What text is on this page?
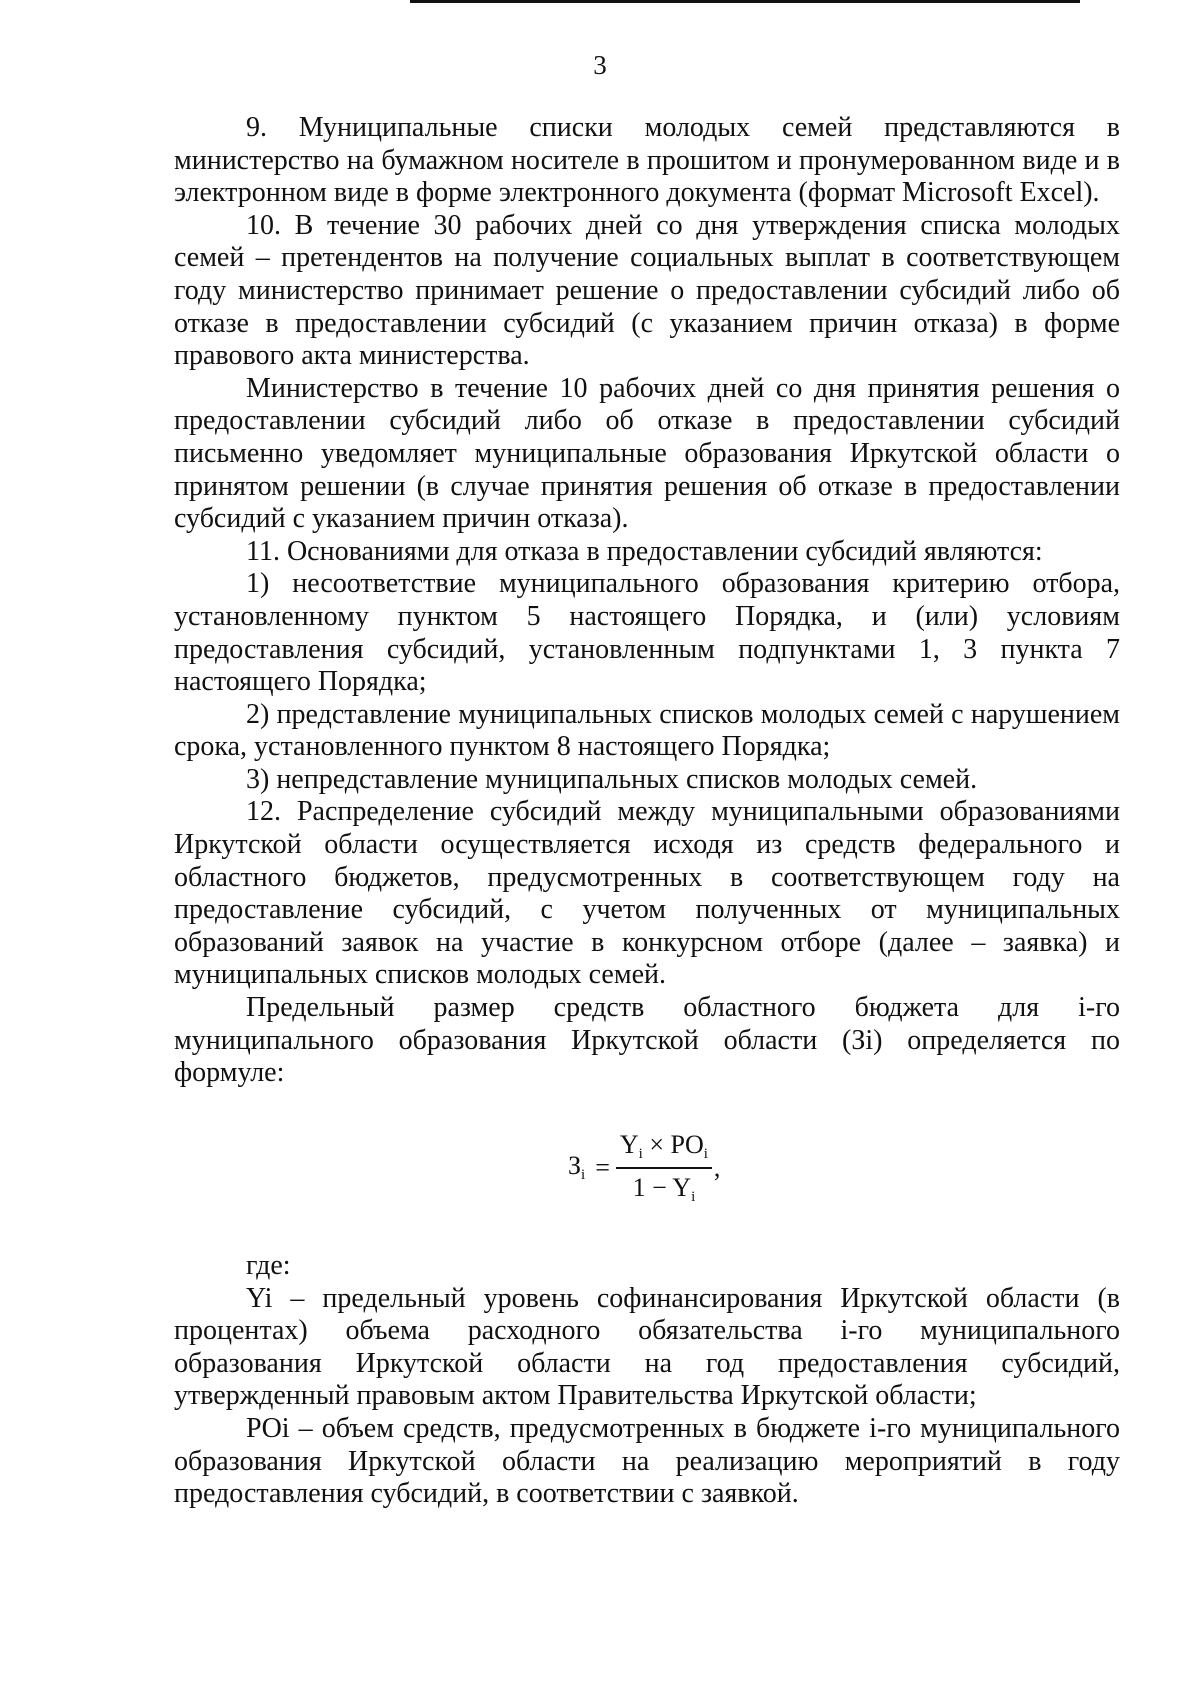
3

9. Муниципальные списки молодых семей представляются в министерство на бумажном носителе в прошитом и пронумерованном виде и в электронном виде в форме электронного документа (формат Microsoft Excel).

10. В течение 30 рабочих дней со дня утверждения списка молодых семей – претендентов на получение социальных выплат в соответствующем году министерство принимает решение о предоставлении субсидий либо об отказе в предоставлении субсидий (с указанием причин отказа) в форме правового акта министерства.

Министерство в течение 10 рабочих дней со дня принятия решения о предоставлении субсидий либо об отказе в предоставлении субсидий письменно уведомляет муниципальные образования Иркутской области о принятом решении (в случае принятия решения об отказе в предоставлении субсидий с указанием причин отказа).

11. Основаниями для отказа в предоставлении субсидий являются:

1) несоответствие муниципального образования критерию отбора, установленному пунктом 5 настоящего Порядка, и (или) условиям предоставления субсидий, установленным подпунктами 1, 3 пункта 7 настоящего Порядка;

2) представление муниципальных списков молодых семей с нарушением срока, установленного пунктом 8 настоящего Порядка;

3) непредставление муниципальных списков молодых семей.

12. Распределение субсидий между муниципальными образованиями Иркутской области осуществляется исходя из средств федерального и областного бюджетов, предусмотренных в соответствующем году на предоставление субсидий, с учетом полученных от муниципальных образований заявок на участие в конкурсном отборе (далее – заявка) и муниципальных списков молодых семей.

Предельный размер средств областного бюджета для i-го муниципального образования Иркутской области (Зi) определяется по формуле:

$З_i = \frac{Y_i \times PO_i}{1 - Y_i}$ ,

где:

Yi – предельный уровень софинансирования Иркутской области (в процентах) объема расходного обязательства i-го муниципального образования Иркутской области на год предоставления субсидий, утвержденный правовым актом Правительства Иркутской области;

POi – объем средств, предусмотренных в бюджете i-го муниципального образования Иркутской области на реализацию мероприятий в году предоставления субсидий, в соответствии с заявкой.
